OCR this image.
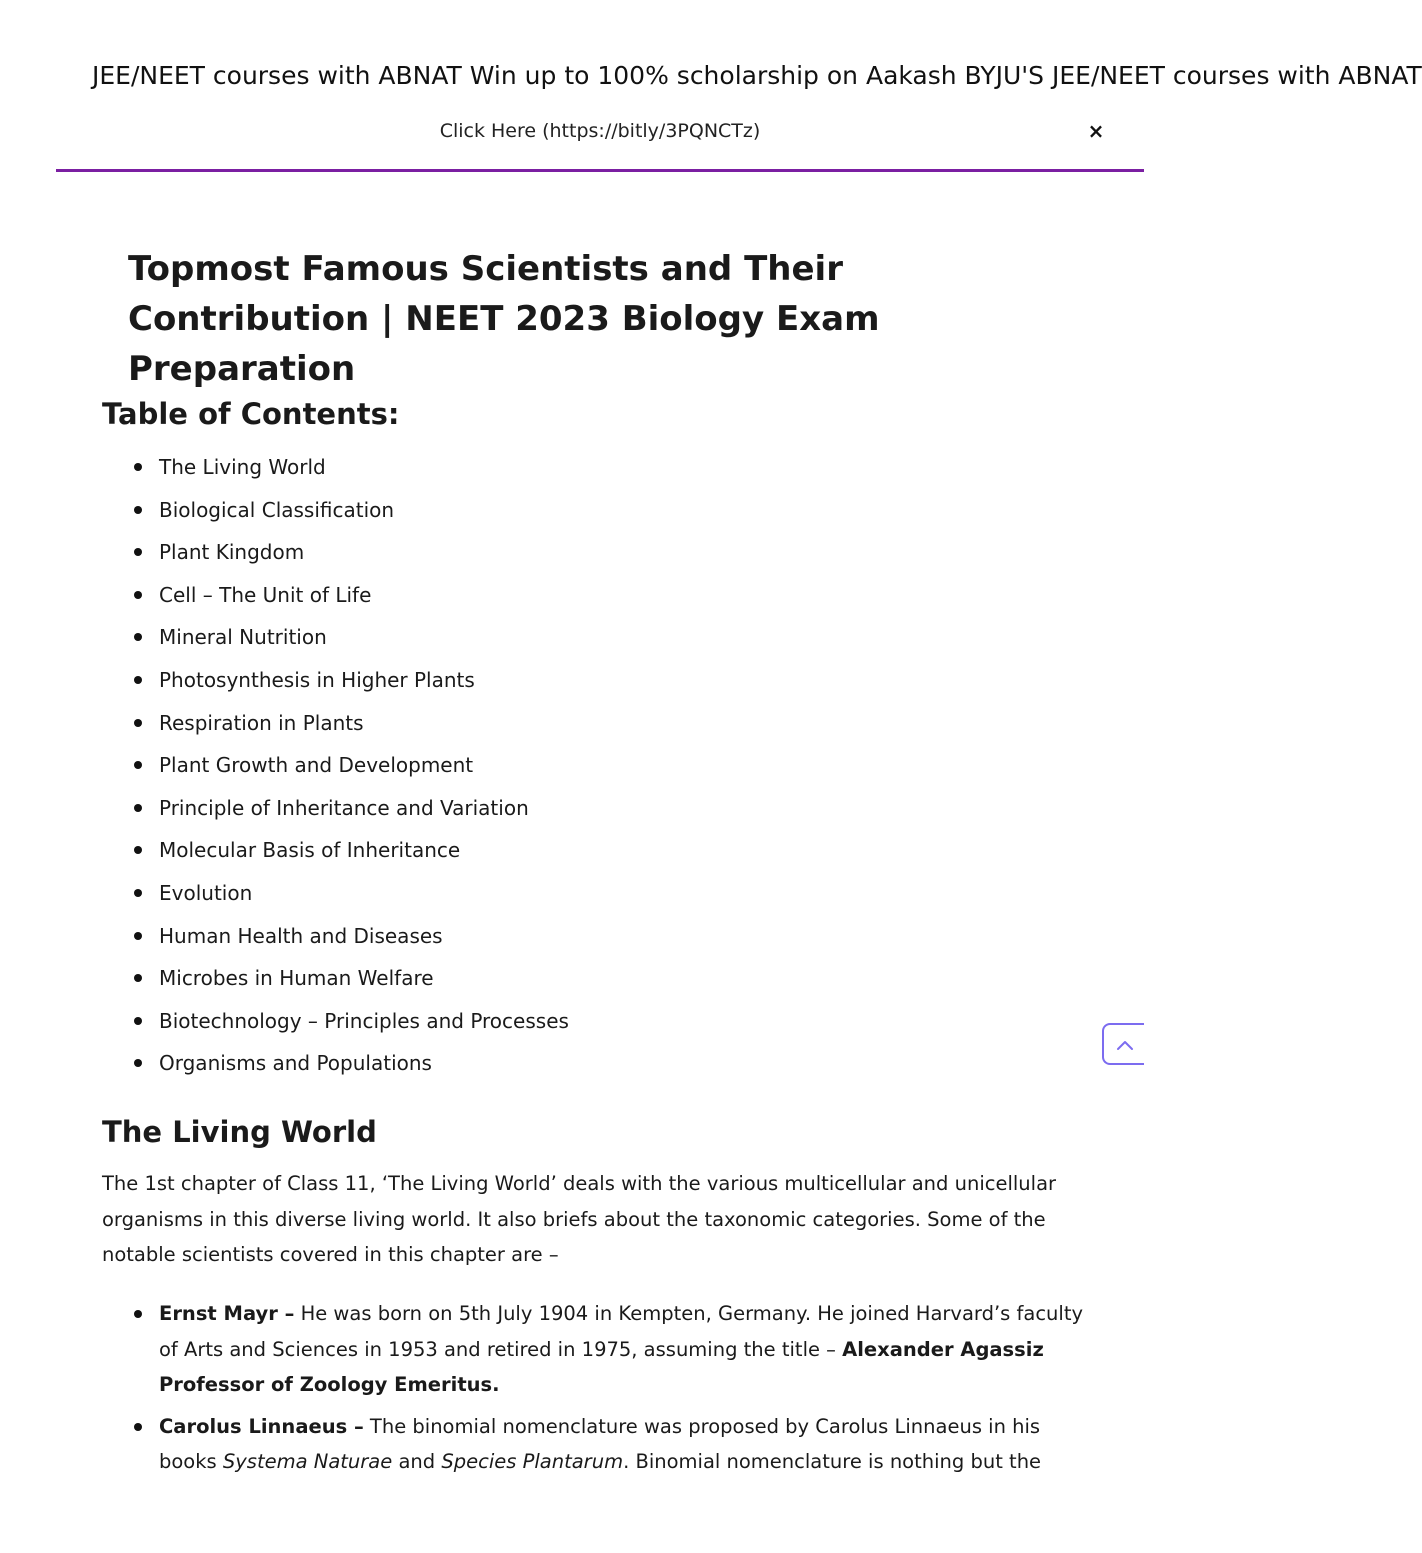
JEE/NEET courses with ABNAT Win up to 100% scholarship on Aakash BYJU'S JEE/NEET courses with ABNAT
Click Here (https://bitly/3PQNCTz)	×
Topmost Famous Scientists and Their Contribution | NEET 2023 Biology Exam Preparation
Table of Contents:
The Living World
Biological Classification
Plant Kingdom
Cell – The Unit of Life
Mineral Nutrition
Photosynthesis in Higher Plants
Respiration in Plants
Plant Growth and Development
Principle of Inheritance and Variation
Molecular Basis of Inheritance
Evolution
Human Health and Diseases
Microbes in Human Welfare
Biotechnology – Principles and Processes
Organisms and Populations
The Living World

The 1st chapter of Class 11, ‘The Living World’ deals with the various multicellular and unicellular organisms in this diverse living world. It also briefs about the taxonomic categories. Some of the notable scientists covered in this chapter are –

Ernst Mayr – He was born on 5th July 1904 in Kempten, Germany. He joined Harvard’s faculty of Arts and Sciences in 1953 and retired in 1975, assuming the title – Alexander Agassiz Professor of Zoology Emeritus.
Carolus Linnaeus – The binomial nomenclature was proposed by Carolus Linnaeus in his books Systema Naturae and Species Plantarum. Binomial nomenclature is nothing but the
